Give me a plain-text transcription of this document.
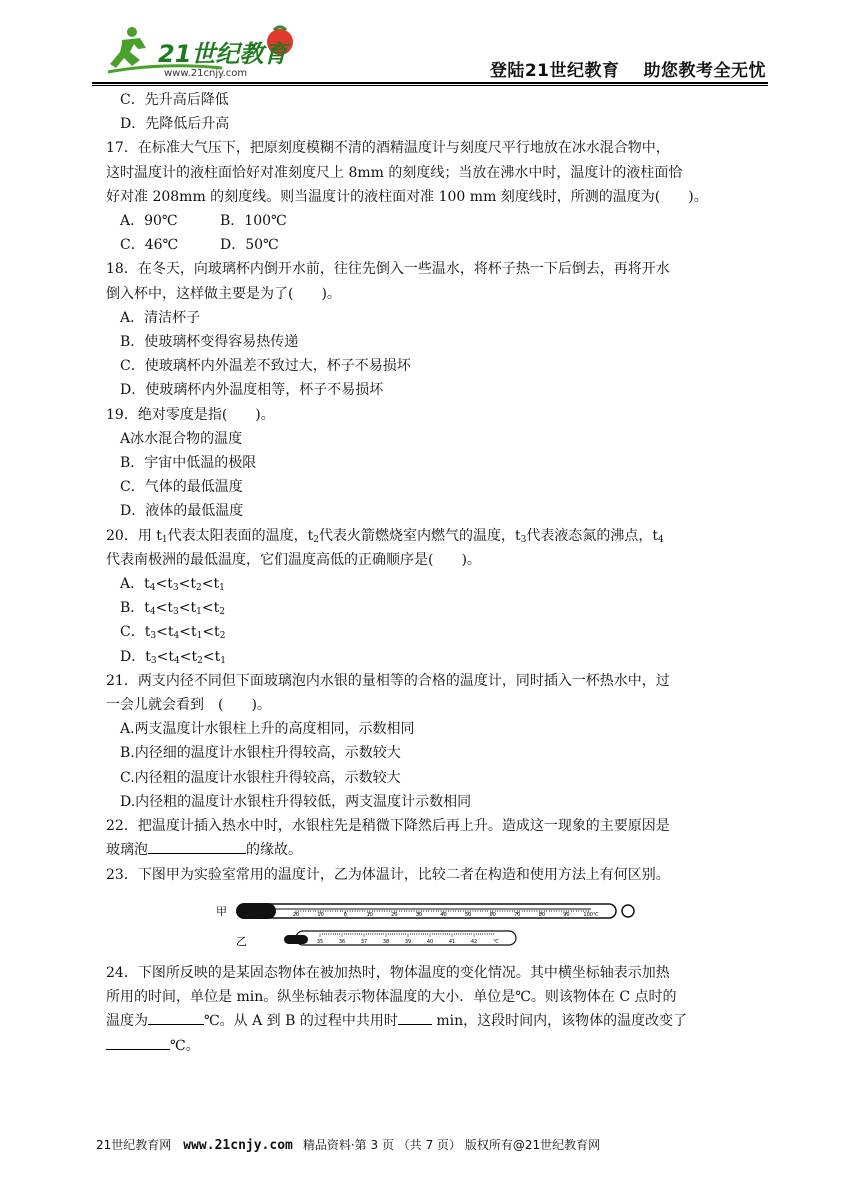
21世纪教育
www.21cnjy.com	登陆21世纪教育 助您教考全无忧
C．先升高后降低
D．先降低后升高
17．在标准大气压下，把原刻度模糊不清的酒精温度计与刻度尺平行地放在冰水混合物中，
这时温度计的液柱面恰好对准刻度尺上 8mm 的刻度线；当放在沸水中时，温度计的液柱面恰
好对准 208mm 的刻度线。则当温度计的液柱面对准 100 mm 刻度线时，所测的温度为(　　)。
A．90℃	B．100℃
C．46℃	D．50℃
18．在冬天，向玻璃杯内倒开水前，往往先倒入一些温水，将杯子热一下后倒去，再将开水
倒入杯中，这样做主要是为了(　　)。
A．清洁杯子
B．使玻璃杯变得容易热传递
C．使玻璃杯内外温差不致过大，杯子不易损坏
D．使玻璃杯内外温度相等，杯子不易损坏
19．绝对零度是指(　　)。
A冰水混合物的温度
B．宇宙中低温的极限
C．气体的最低温度
D．液体的最低温度
20．用 $t_1$代表太阳表面的温度，$t_2$代表火箭燃烧室内燃气的温度，$t_3$代表液态氮的沸点，$t_4$
代表南极洲的最低温度，它们温度高低的正确顺序是(　　)。
A．$t_4<t_3<t_2<t_1$
B．$t_4<t_3<t_1<t_2$
C．$t_3<t_4<t_1<t_2$
D．$t_3<t_4<t_2<t_1$
21．两支内径不同但下面玻璃泡内水银的量相等的合格的温度计，同时插入一杯热水中，过
一会儿就会看到　(　　)。
A.两支温度计水银柱上升的高度相同，示数相同
B.内径细的温度计水银柱升得较高，示数较大
C.内径粗的温度计水银柱升得较高，示数较大
D.内径粗的温度计水银柱升得较低，两支温度计示数相同
22．把温度计插入热水中时，水银柱先是稍微下降然后再上升。造成这一现象的主要原因是
玻璃泡	的缘故。
23．下图甲为实验室常用的温度计，乙为体温计，比较二者在构造和使用方法上有何区别。
甲	20	10	0	10	20	30	40	50	60	70	80	90	100℃
乙	35	36	37	38	39	40	41	42	℃
24．下图所反映的是某固态物体在被加热时，物体温度的变化情况。其中横坐标轴表示加热
所用的时间，单位是 min。纵坐标轴表示物体温度的大小．单位是℃。则该物体在 C 点时的
温度为	℃。从 A 到 B 的过程中共用时 min，这段时间内，该物体的温度改变了
℃。
21世纪教育网 www.21cnjy.com 精品资料·第 3 页 （共 7 页） 版权所有@21世纪教育网
